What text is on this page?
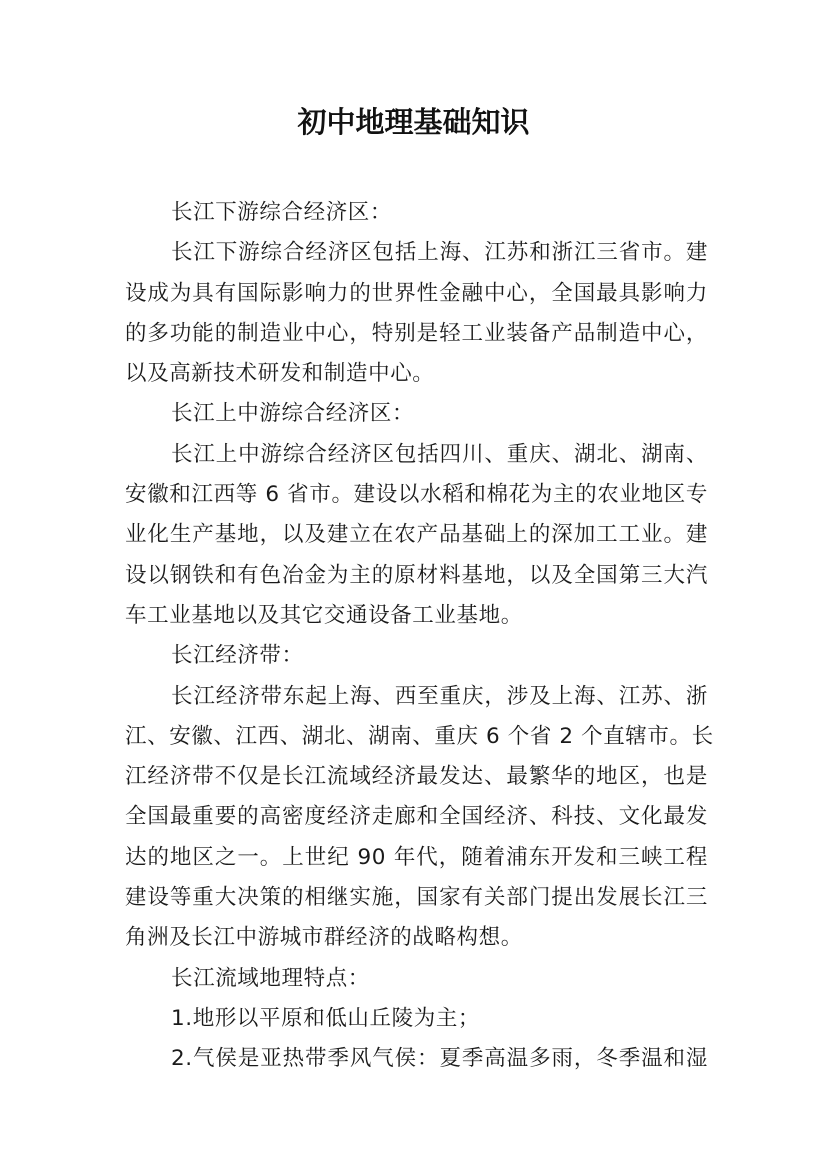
初中地理基础知识
长江下游综合经济区：
长江下游综合经济区包括上海、江苏和浙江三省市。建
设成为具有国际影响力的世界性金融中心，全国最具影响力
的多功能的制造业中心，特别是轻工业装备产品制造中心，
以及高新技术研发和制造中心。
长江上中游综合经济区：
长江上中游综合经济区包括四川、重庆、湖北、湖南、
安徽和江西等 6 省市。建设以水稻和棉花为主的农业地区专
业化生产基地，以及建立在农产品基础上的深加工工业。建
设以钢铁和有色冶金为主的原材料基地，以及全国第三大汽
车工业基地以及其它交通设备工业基地。
长江经济带：
长江经济带东起上海、西至重庆，涉及上海、江苏、浙
江、安徽、江西、湖北、湖南、重庆 6 个省 2 个直辖市。长
江经济带不仅是长江流域经济最发达、最繁华的地区，也是
全国最重要的高密度经济走廊和全国经济、科技、文化最发
达的地区之一。上世纪 90 年代，随着浦东开发和三峡工程
建设等重大决策的相继实施，国家有关部门提出发展长江三
角洲及长江中游城市群经济的战略构想。
长江流域地理特点：
1.地形以平原和低山丘陵为主；
2.气侯是亚热带季风气侯：夏季高温多雨，冬季温和湿
